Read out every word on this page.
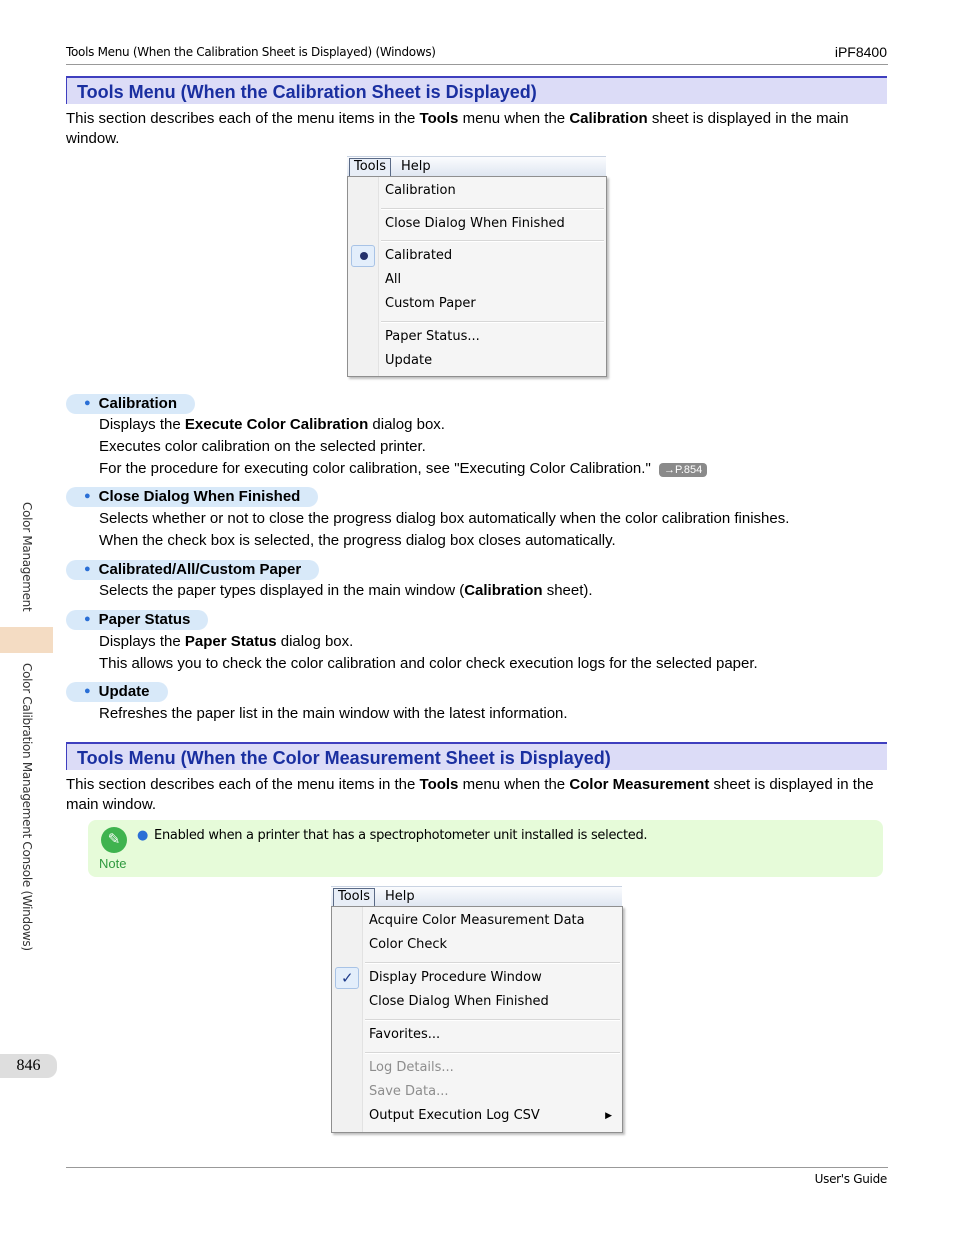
Tools Menu (When the Calibration Sheet is Displayed) (Windows)	iPF8400
Tools Menu (When the Calibration Sheet is Displayed)
This section describes each of the menu items in the Tools menu when the Calibration sheet is displayed in the main window.
Tools	Help
Calibration
Close Dialog When Finished
Calibrated
All
Custom Paper
Paper Status...
Update
● Calibration
Displays the Execute Color Calibration dialog box.
Executes color calibration on the selected printer.
For the procedure for executing color calibration, see "Executing Color Calibration." →P.854
● Close Dialog When Finished
Selects whether or not to close the progress dialog box automatically when the color calibration finishes.
When the check box is selected, the progress dialog box closes automatically.
● Calibrated/All/Custom Paper
Selects the paper types displayed in the main window (Calibration sheet).
● Paper Status
Displays the Paper Status dialog box.
This allows you to check the color calibration and color check execution logs for the selected paper.
● Update
Refreshes the paper list in the main window with the latest information.
Tools Menu (When the Color Measurement Sheet is Displayed)
This section describes each of the menu items in the Tools menu when the Color Measurement sheet is displayed in the main window.
✎
Note
● Enabled when a printer that has a spectrophotometer unit installed is selected.
Tools	Help
Acquire Color Measurement Data
Color Check
✓ Display Procedure Window
Close Dialog When Finished
Favorites...
Log Details...
Save Data...
Output Execution Log CSV	▶
Color Management
Color Calibration Management Console (Windows)
846
User's Guide
